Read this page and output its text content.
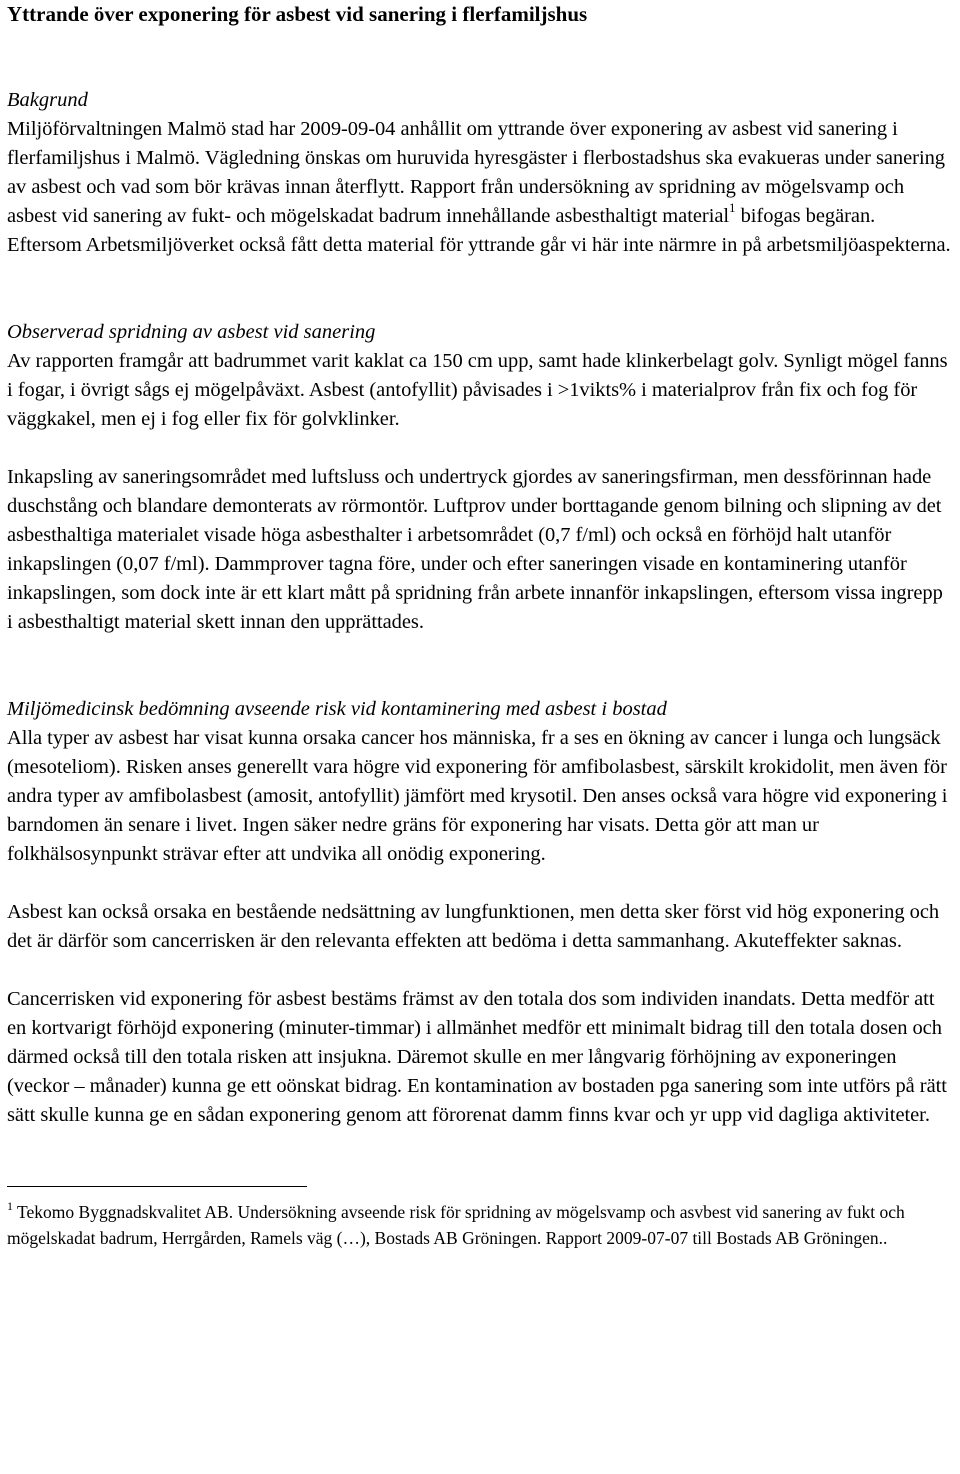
Yttrande över exponering för asbest vid sanering i flerfamiljshus

Bakgrund

Miljöförvaltningen Malmö stad har 2009-09-04 anhållit om yttrande över exponering av asbest vid sanering i flerfamiljshus i Malmö. Vägledning önskas om huruvida hyresgäster i flerbostadshus ska evakueras under sanering av asbest och vad som bör krävas innan återflytt. Rapport från undersökning av spridning av mögelsvamp och asbest vid sanering av fukt- och mögelskadat badrum innehållande asbesthaltigt material$^1$ bifogas begäran. Eftersom Arbetsmiljöverket också fått detta material för yttrande går vi här inte närmre in på arbetsmiljöaspekterna.

Observerad spridning av asbest vid sanering

Av rapporten framgår att badrummet varit kaklat ca 150 cm upp, samt hade klinkerbelagt golv. Synligt mögel fanns i fogar, i övrigt sågs ej mögelpåväxt. Asbest (antofyllit) påvisades i >1vikts% i materialprov från fix och fog för väggkakel, men ej i fog eller fix för golvklinker.

Inkapsling av saneringsområdet med luftsluss och undertryck gjordes av saneringsfirman, men dessförinnan hade duschstång och blandare demonterats av rörmontör. Luftprov under borttagande genom bilning och slipning av det asbesthaltiga materialet visade höga asbesthalter i arbetsområdet (0,7 f/ml) och också en förhöjd halt utanför inkapslingen (0,07 f/ml). Dammprover tagna före, under och efter saneringen visade en kontaminering utanför inkapslingen, som dock inte är ett klart mått på spridning från arbete innanför inkapslingen, eftersom vissa ingrepp i asbesthaltigt material skett innan den upprättades.

Miljömedicinsk bedömning avseende risk vid kontaminering med asbest i bostad

Alla typer av asbest har visat kunna orsaka cancer hos människa, fr a ses en ökning av cancer i lunga och lungsäck (mesoteliom). Risken anses generellt vara högre vid exponering för amfibolasbest, särskilt krokidolit, men även för andra typer av amfibolasbest (amosit, antofyllit) jämfört med krysotil. Den anses också vara högre vid exponering i barndomen än senare i livet. Ingen säker nedre gräns för exponering har visats. Detta gör att man ur folkhälsosynpunkt strävar efter att undvika all onödig exponering.

Asbest kan också orsaka en bestående nedsättning av lungfunktionen, men detta sker först vid hög exponering och det är därför som cancerrisken är den relevanta effekten att bedöma i detta sammanhang. Akuteffekter saknas.

Cancerrisken vid exponering för asbest bestäms främst av den totala dos som individen inandats. Detta medför att en kortvarigt förhöjd exponering (minuter-timmar) i allmänhet medför ett minimalt bidrag till den totala dosen och därmed också till den totala risken att insjukna. Däremot skulle en mer långvarig förhöjning av exponeringen (veckor – månader) kunna ge ett oönskat bidrag. En kontamination av bostaden pga sanering som inte utförs på rätt sätt skulle kunna ge en sådan exponering genom att förorenat damm finns kvar och yr upp vid dagliga aktiviteter.

$^1$ Tekomo Byggnadskvalitet AB. Undersökning avseende risk för spridning av mögelsvamp och asvbest vid sanering av fukt och mögelskadat badrum, Herrgården, Ramels väg (…), Bostads AB Gröningen. Rapport 2009-07-07 till Bostads AB Gröningen..
